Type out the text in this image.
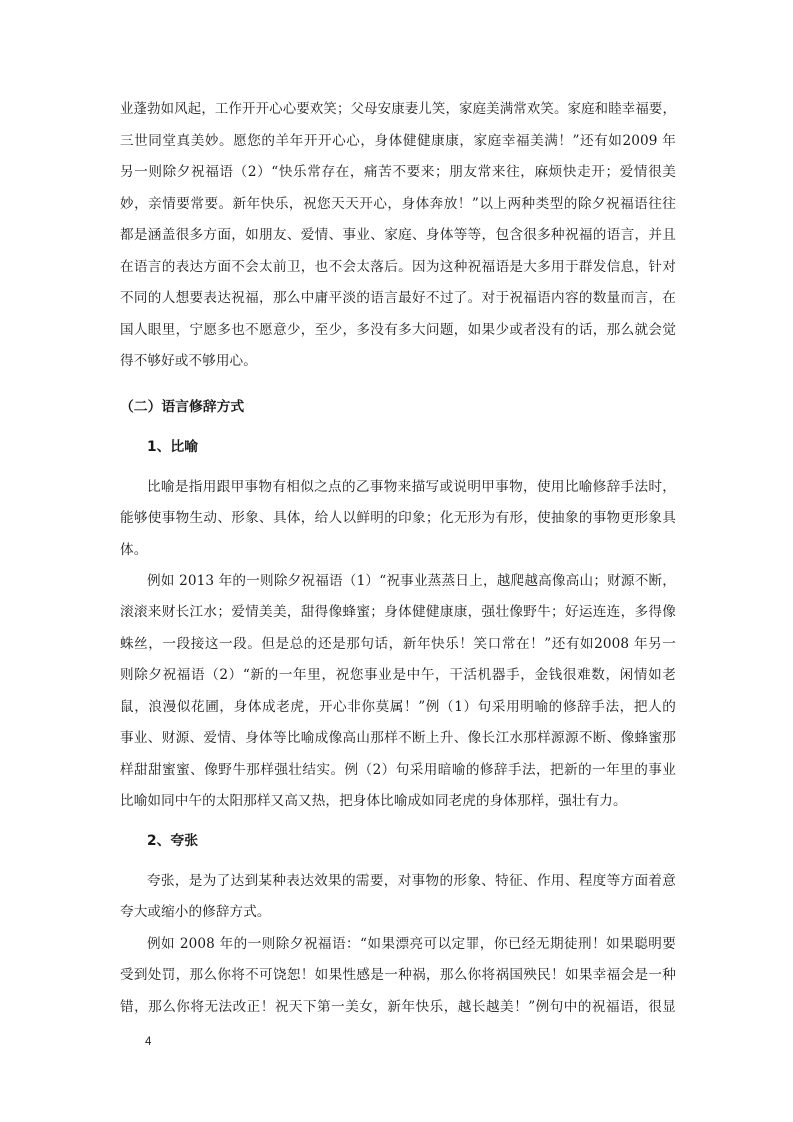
业蓬勃如风起，工作开开心心要欢笑；父母安康妻儿笑，家庭美满常欢笑。家庭和睦幸福要，
三世同堂真美妙。愿您的羊年开开心心，身体健健康康，家庭幸福美满！”还有如2009 年
另一则除夕祝福语（2）“快乐常存在，痛苦不要来；朋友常来往，麻烦快走开；爱情很美
妙，亲情要常要。新年快乐，祝您天天开心，身体奔放！”以上两种类型的除夕祝福语往往
都是涵盖很多方面，如朋友、爱情、事业、家庭、身体等等，包含很多种祝福的语言，并且
在语言的表达方面不会太前卫，也不会太落后。因为这种祝福语是大多用于群发信息，针对
不同的人想要表达祝福，那么中庸平淡的语言最好不过了。对于祝福语内容的数量而言，在
国人眼里，宁愿多也不愿意少，至少，多没有多大问题，如果少或者没有的话，那么就会觉
得不够好或不够用心。
（二）语言修辞方式
1、比喻
比喻是指用跟甲事物有相似之点的乙事物来描写或说明甲事物，使用比喻修辞手法时，
能够使事物生动、形象、具体，给人以鲜明的印象；化无形为有形，使抽象的事物更形象具
体。
例如 2013 年的一则除夕祝福语（1）“祝事业蒸蒸日上，越爬越高像高山；财源不断，
滚滚来财长江水；爱情美美，甜得像蜂蜜；身体健健康康，强壮像野牛；好运连连，多得像
蛛丝，一段接这一段。但是总的还是那句话，新年快乐！笑口常在！”还有如2008 年另一
则除夕祝福语（2）“新的一年里，祝您事业是中午，干活机器手，金钱很难数，闲情如老
鼠，浪漫似花圃，身体成老虎，开心非你莫属！”例（1）句采用明喻的修辞手法，把人的
事业、财源、爱情、身体等比喻成像高山那样不断上升、像长江水那样源源不断、像蜂蜜那
样甜甜蜜蜜、像野牛那样强壮结实。例（2）句采用暗喻的修辞手法，把新的一年里的事业
比喻如同中午的太阳那样又高又热，把身体比喻成如同老虎的身体那样，强壮有力。
2、夸张
夸张，是为了达到某种表达效果的需要，对事物的形象、特征、作用、程度等方面着意
夸大或缩小的修辞方式。
例如 2008 年的一则除夕祝福语：“如果漂亮可以定罪，你已经无期徒刑！如果聪明要
受到处罚，那么你将不可饶恕！如果性感是一种祸，那么你将祸国殃民！如果幸福会是一种
错，那么你将无法改正！祝天下第一美女，新年快乐，越长越美！”例句中的祝福语，很显
4
